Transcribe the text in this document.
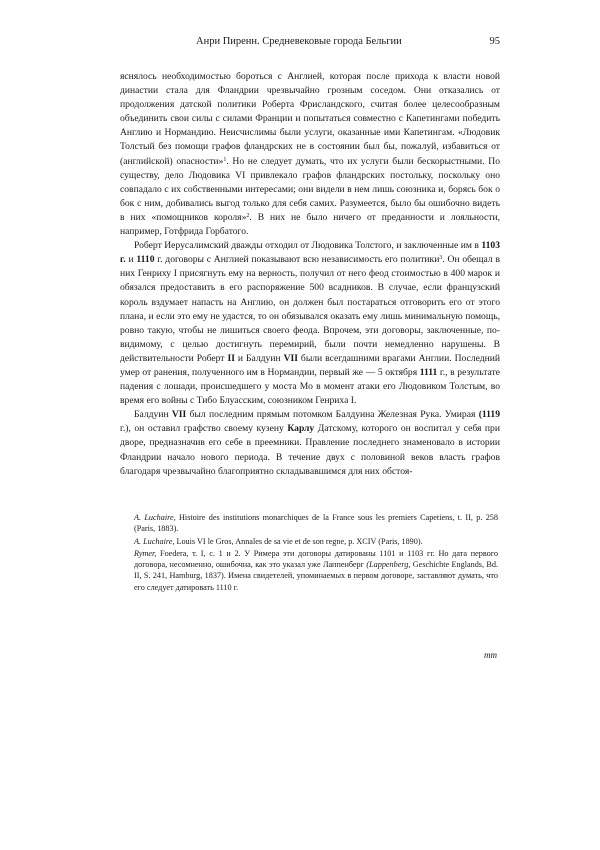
Анри Пиренн. Средневековые города Бельгии	95

яснялось необходимостью бороться с Англией, которая после прихода к власти новой династии стала для Фландрии чрезвычайно грозным соседом. Они отказались от продолжения датской политики Роберта Фрисландского, считая более целесообразным объединить свои силы с силами Франции и попытаться совместно с Капетингами победить Англию и Нормандию. Неисчислимы были услуги, оказанные ими Капетингам. «Людовик Толстый без помощи графов фландрских не в состоянии был бы, пожалуй, избавиться от (английской) опасности»$^1$. Но не следует думать, что их услуги были бескорыстными. По существу, дело Людовика VI привлекало графов фландрских постольку, поскольку оно совпадало с их собственными интересами; они видели в нем лишь союзника и, борясь бок о бок с ним, добивались выгод только для себя самих. Разумеется, было бы ошибочно видеть в них «помощников короля»$^2$. В них не было ничего от преданности и лояльности, например, Готфрида Горбатого.

Роберт Иерусалимский дважды отходил от Людовика Толстого, и заключенные им в 1103 г. и 1110 г. договоры с Англией показывают всю независимость его политики$^3$. Он обещал в них Генриху I присягнуть ему на верность, получил от него феод стоимостью в 400 марок и обязался предоставить в его распоряжение 500 всадников. В случае, если французский король вздумает напасть на Англию, он должен был постараться отговорить его от этого плана, и если это ему не удастся, то он обязывался оказать ему лишь минимальную помощь, ровно такую, чтобы не лишиться своего феода. Впрочем, эти договоры, заключенные, по-видимому, с целью достигнуть перемирий, были почти немедленно нарушены. В действительности Роберт II и Балдуин VII были всегдашними врагами Англии. Последний умер от ранения, полученного им в Нормандии, первый же — 5 октября 1111 г., в результате падения с лошади, происшедшего у моста Мо в момент атаки его Людовиком Толстым, во время его войны с Тибо Блуасским, союзником Генриха I.

Балдуин VII был последним прямым потомком Балдуина Железная Рука. Умирая (1119 г.), он оставил графство своему кузену Карлу Датскому, которого он воспитал у себя при дворе, предназначив его себе в преемники. Правление последнего знаменовало в истории Фландрии начало нового периода. В течение двух с половиной веков власть графов благодаря чрезвычайно благоприятно складывавшимся для них обстоя-

A. Luchaire, Histoire des institutions monarchiques de la France sous les premiers Capetiens, t. II, p. 258 (Paris, 1883).

A. Luchaire, Louis VI le Gros, Annales de sa vie et de son regne, p. XCIV (Paris, 1890).

Rymer, Foedera, т. I, с. 1 и 2. У Римера эти договоры датированы 1101 и 1103 гг. Но дата первого договора, несомненно, ошибочна, как это указал уже Лаппенберг (Lappenberg, Geschichte Englands, Bd. II, S. 241, Hamburg, 1837). Имена свидетелей, упоминаемых в первом договоре, заставляют думать, что его следует датировать 1110 г.

mm
